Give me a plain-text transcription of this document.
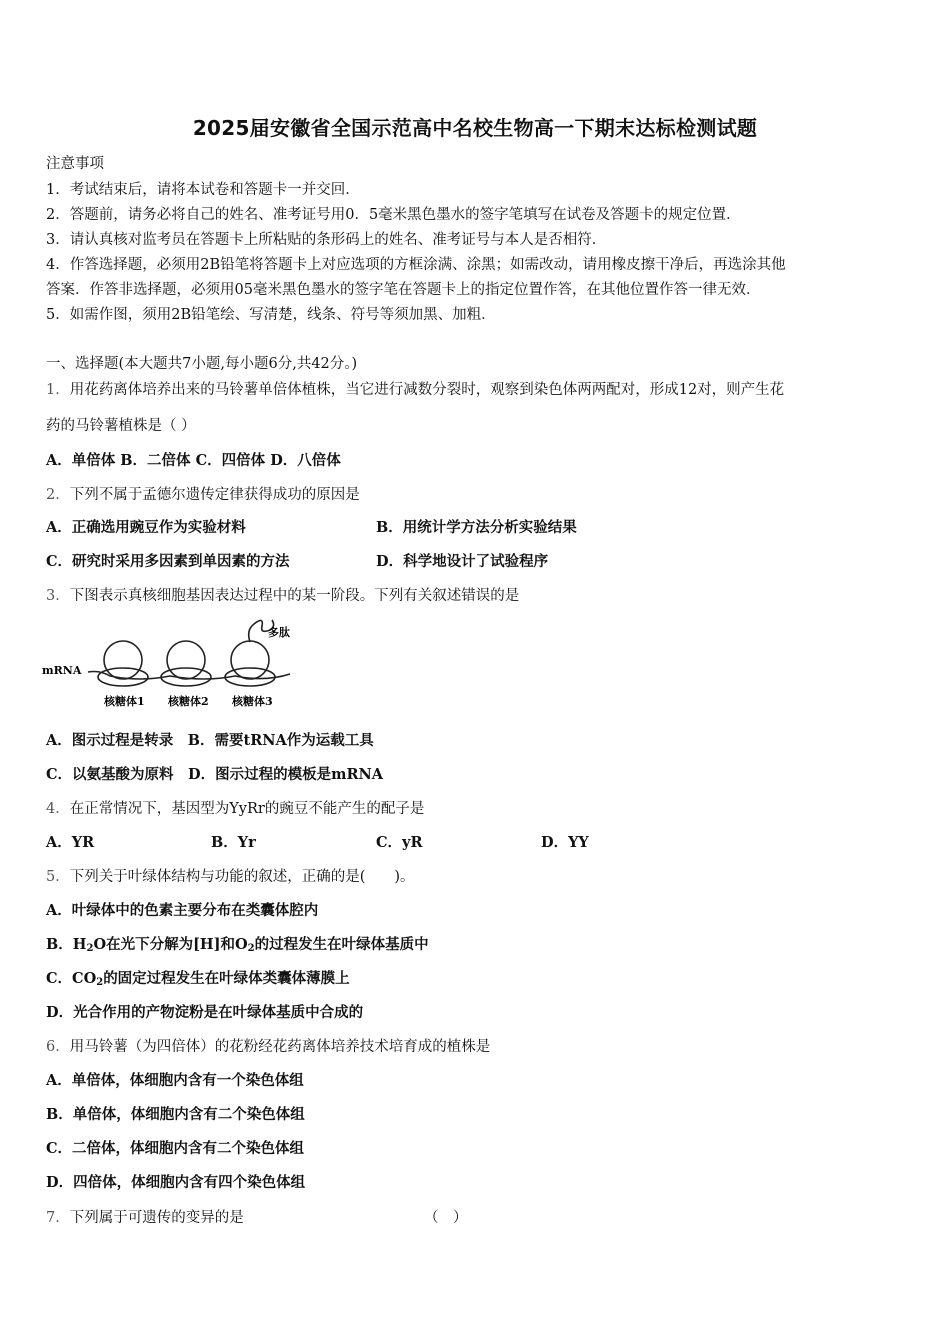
2025届安徽省全国示范高中名校生物高一下期末达标检测试题
注意事项
1．考试结束后，请将本试卷和答题卡一并交回．
2．答题前，请务必将自己的姓名、准考证号用0．5毫米黑色墨水的签字笔填写在试卷及答题卡的规定位置．
3．请认真核对监考员在答题卡上所粘贴的条形码上的姓名、准考证号与本人是否相符．
4．作答选择题，必须用2B铅笔将答题卡上对应选项的方框涂满、涂黑；如需改动，请用橡皮擦干净后，再选涂其他
答案．作答非选择题，必须用05毫米黑色墨水的签字笔在答题卡上的指定位置作答，在其他位置作答一律无效．
5．如需作图，须用2B铅笔绘、写清楚，线条、符号等须加黑、加粗．
一、选择题(本大题共7小题,每小题6分,共42分。)
1．用花药离体培养出来的马铃薯单倍体植株，当它进行减数分裂时，观察到染色体两两配对，形成12对，则产生花
药的马铃薯植株是（ ）
A．单倍体 B．二倍体 C．四倍体 D．八倍体
2．下列不属于孟德尔遗传定律获得成功的原因是
A．正确选用豌豆作为实验材料	B．用统计学方法分析实验结果
C．研究时采用多因素到单因素的方法	D．科学地设计了试验程序
3．下图表示真核细胞基因表达过程中的某一阶段。下列有关叙述错误的是
mRNA
多肽
核糖体1 核糖体2 核糖体3
A．图示过程是转录　B．需要tRNA作为运载工具
C．以氨基酸为原料　D．图示过程的模板是mRNA
4．在正常情况下，基因型为YyRr的豌豆不能产生的配子是
A．YR	B．Yr	C．yR	D．YY
5．下列关于叶绿体结构与功能的叙述，正确的是(　　)。
A．叶绿体中的色素主要分布在类囊体腔内
B．$H_2O$在光下分解为[H]和$O_2$的过程发生在叶绿体基质中
C．$CO_2$的固定过程发生在叶绿体类囊体薄膜上
D．光合作用的产物淀粉是在叶绿体基质中合成的
6．用马铃薯（为四倍体）的花粉经花药离体培养技术培育成的植株是
A．单倍体，体细胞内含有一个染色体组
B．单倍体，体细胞内含有二个染色体组
C．二倍体，体细胞内含有二个染色体组
D．四倍体，体细胞内含有四个染色体组
7．下列属于可遗传的变异的是	（　）
